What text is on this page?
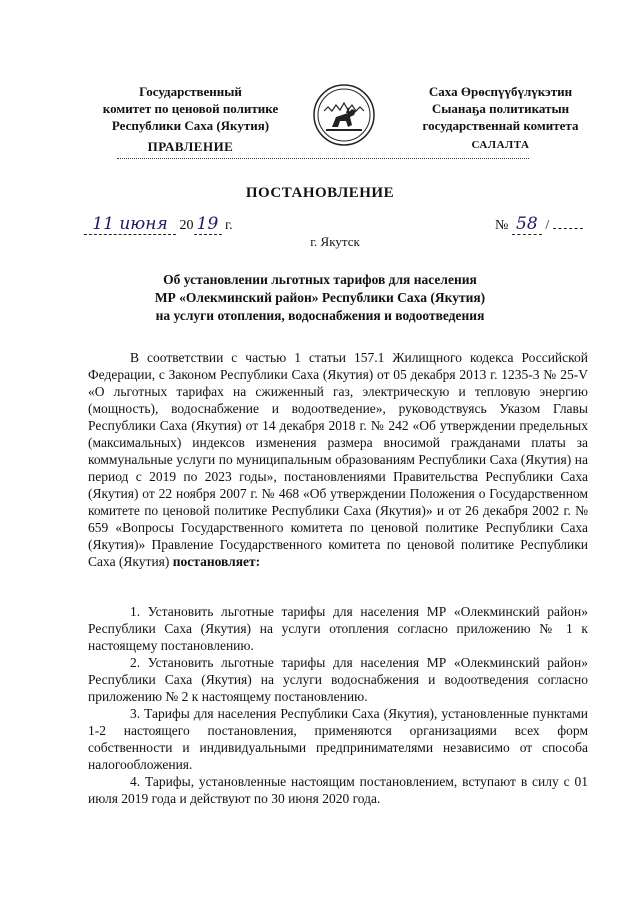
Государственный
комитет по ценовой политике
Республики Саха (Якутия)
Саха Өрөспүүбүлүкэтин
Сыанаҕа политикатын
государственнай комитета
ПРАВЛЕНИЕ	САЛАЛТА
ПОСТАНОВЛЕНИЕ
11 июня 20 19 г.	№ 58 /
г. Якутск
Об установлении льготных тарифов для населения
МР «Олекминский район» Республики Саха (Якутия)
на услуги отопления, водоснабжения и водоотведения

В соответствии с частью 1 статьи 157.1 Жилищного кодекса Российской Федерации, с Законом Республики Саха (Якутия) от 05 декабря 2013 г. 1235-3 № 25-V «О льготных тарифах на сжиженный газ, электрическую и тепловую энергию (мощность), водоснабжение и водоотведение», руководствуясь Указом Главы Республики Саха (Якутия) от 14 декабря 2018 г. № 242 «Об утверждении предельных (максимальных) индексов изменения размера вносимой гражданами платы за коммунальные услуги по муниципальным образованиям Республики Саха (Якутия) на период с 2019 по 2023 годы», постановлениями Правительства Республики Саха (Якутия) от 22 ноября 2007 г. № 468 «Об утверждении Положения о Государственном комитете по ценовой политике Республики Саха (Якутия)» и от 26 декабря 2002 г. № 659 «Вопросы Государственного комитета по ценовой политике Республики Саха (Якутия)» Правление Государственного комитета по ценовой политике Республики Саха (Якутия) постановляет:

1. Установить льготные тарифы для населения МР «Олекминский район» Республики Саха (Якутия) на услуги отопления согласно приложению № 1 к настоящему постановлению.

2. Установить льготные тарифы для населения МР «Олекминский район» Республики Саха (Якутия) на услуги водоснабжения и водоотведения согласно приложению № 2 к настоящему постановлению.

3. Тарифы для населения Республики Саха (Якутия), установленные пунктами 1-2 настоящего постановления, применяются организациями всех форм собственности и индивидуальными предпринимателями независимо от способа налогообложения.

4. Тарифы, установленные настоящим постановлением, вступают в силу с 01 июля 2019 года и действуют по 30 июня 2020 года.
